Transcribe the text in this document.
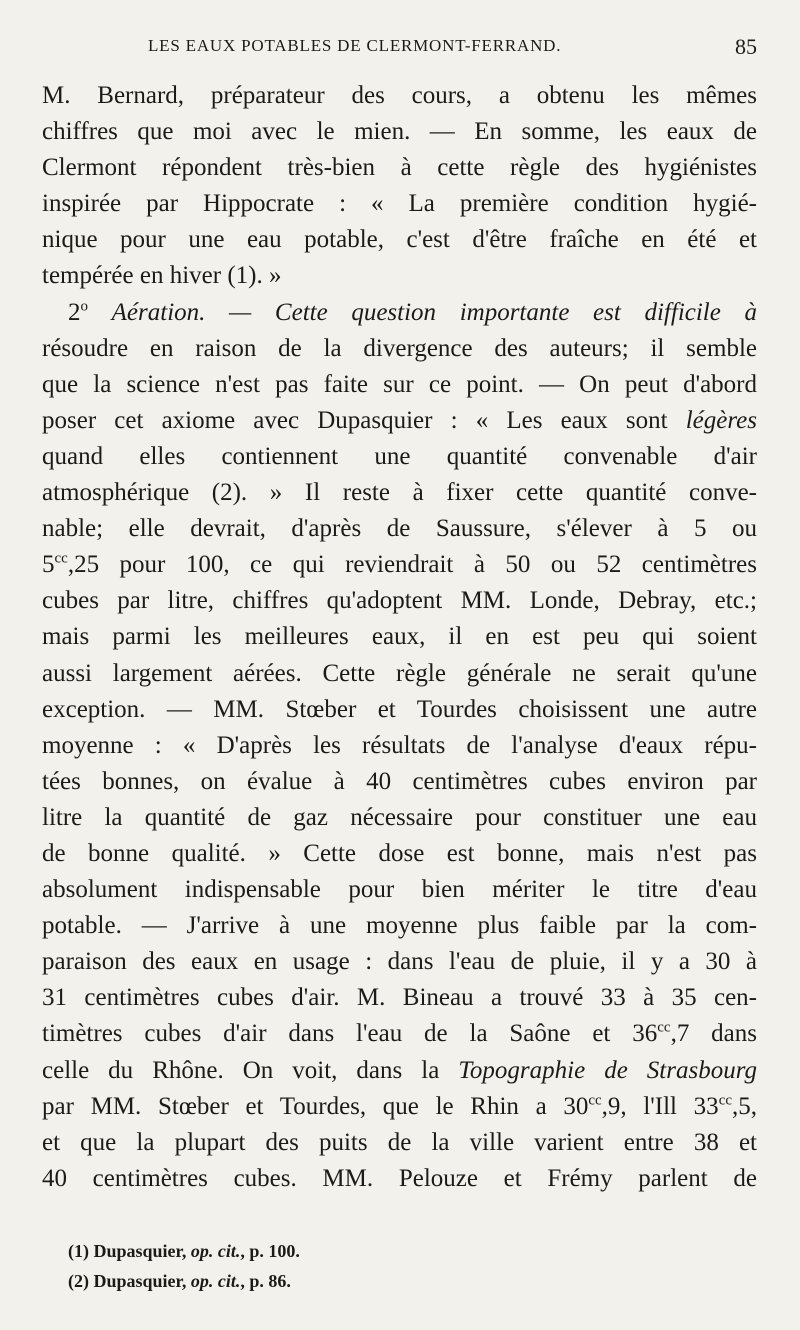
LES EAUX POTABLES DE CLERMONT-FERRAND.	85
M. Bernard, préparateur des cours, a obtenu les mêmes
chiffres que moi avec le mien. — En somme, les eaux de
Clermont répondent très-bien à cette règle des hygiénistes
inspirée par Hippocrate : « La première condition hygié-
nique pour une eau potable, c'est d'être fraîche en été et
tempérée en hiver (1). »
2$^o$ Aération. — Cette question importante est difficile à
résoudre en raison de la divergence des auteurs; il semble
que la science n'est pas faite sur ce point. — On peut d'abord
poser cet axiome avec Dupasquier : « Les eaux sont légères
quand elles contiennent une quantité convenable d'air
atmosphérique (2). » Il reste à fixer cette quantité conve-
nable; elle devrait, d'après de Saussure, s'élever à 5 ou
$5^{cc},25$ pour 100, ce qui reviendrait à 50 ou 52 centimètres
cubes par litre, chiffres qu'adoptent MM. Londe, Debray, etc.;
mais parmi les meilleures eaux, il en est peu qui soient
aussi largement aérées. Cette règle générale ne serait qu'une
exception. — MM. Stœber et Tourdes choisissent une autre
moyenne : « D'après les résultats de l'analyse d'eaux répu-
tées bonnes, on évalue à 40 centimètres cubes environ par
litre la quantité de gaz nécessaire pour constituer une eau
de bonne qualité. » Cette dose est bonne, mais n'est pas
absolument indispensable pour bien mériter le titre d'eau
potable. — J'arrive à une moyenne plus faible par la com-
paraison des eaux en usage : dans l'eau de pluie, il y a 30 à
31 centimètres cubes d'air. M. Bineau a trouvé 33 à 35 cen-
timètres cubes d'air dans l'eau de la Saône et $36^{cc},7$ dans
celle du Rhône. On voit, dans la Topographie de Strasbourg
par MM. Stœber et Tourdes, que le Rhin a $30^{cc},9$, l'Ill $33^{cc},5$,
et que la plupart des puits de la ville varient entre 38 et
40 centimètres cubes. MM. Pelouze et Frémy parlent de
(1) Dupasquier, op. cit., p. 100.
(2) Dupasquier, op. cit., p. 86.
